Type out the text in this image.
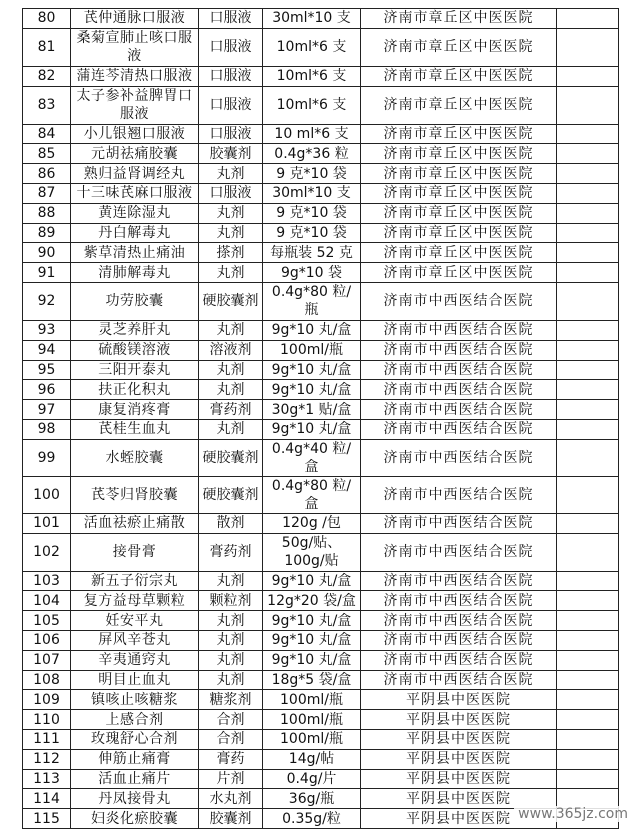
80	芪仲通脉口服液	口服液	30ml*10 支	济南市章丘区中医医院	
81	桑菊宣肺止咳口服液	口服液	10ml*6 支	济南市章丘区中医医院	
82	蒲连芩清热口服液	口服液	10ml*6 支	济南市章丘区中医医院	
83	太子参补益脾胃口服液	口服液	10ml*6 支	济南市章丘区中医医院	
84	小儿银翘口服液	口服液	10 ml*6 支	济南市章丘区中医医院	
85	元胡祛痛胶囊	胶囊剂	0.4g*36 粒	济南市章丘区中医医院	
86	熟归益肾调经丸	丸剂	9 克*10 袋	济南市章丘区中医医院	
87	十三味芪麻口服液	口服液	30ml*10 支	济南市章丘区中医医院	
88	黄连除湿丸	丸剂	9 克*10 袋	济南市章丘区中医医院	
89	丹白解毒丸	丸剂	9 克*10 袋	济南市章丘区中医医院	
90	紫草清热止痛油	搽剂	每瓶装 52 克	济南市章丘区中医医院	
91	清肺解毒丸	丸剂	9g*10 袋	济南市章丘区中医医院	
92	功劳胶囊	硬胶囊剂	0.4g*80 粒/瓶	济南市中西医结合医院	
93	灵芝养肝丸	丸剂	9g*10 丸/盒	济南市中西医结合医院	
94	硫酸镁溶液	溶液剂	100ml/瓶	济南市中西医结合医院	
95	三阳开泰丸	丸剂	9g*10 丸/盒	济南市中西医结合医院	
96	扶正化积丸	丸剂	9g*10 丸/盒	济南市中西医结合医院	
97	康复消疼膏	膏药剂	30g*1 贴/盒	济南市中西医结合医院	
98	芪桂生血丸	丸剂	9g*10 丸/盒	济南市中西医结合医院	
99	水蛭胶囊	硬胶囊剂	0.4g*40 粒/盒	济南市中西医结合医院	
100	芪苓归肾胶囊	硬胶囊剂	0.4g*80 粒/盒	济南市中西医结合医院	
101	活血祛瘀止痛散	散剂	120g /包	济南市中西医结合医院	
102	接骨膏	膏药剂	50g/贴、100g/贴	济南市中西医结合医院	
103	新五子衍宗丸	丸剂	9g*10 丸/盒	济南市中西医结合医院	
104	复方益母草颗粒	颗粒剂	12g*20 袋/盒	济南市中西医结合医院	
105	妊安平丸	丸剂	9g*10 丸/盒	济南市中西医结合医院	
106	屏风辛苍丸	丸剂	9g*10 丸/盒	济南市中西医结合医院	
107	辛夷通窍丸	丸剂	9g*10 丸/盒	济南市中西医结合医院	
108	明目止血丸	丸剂	18g*5 袋/盒	济南市中西医结合医院	
109	镇咳止咳糖浆	糖浆剂	100ml/瓶	平阴县中医医院	
110	上感合剂	合剂	100ml/瓶	平阴县中医医院	
111	玫瑰舒心合剂	合剂	100ml/瓶	平阴县中医医院	
112	伸筋止痛膏	膏药	14g/帖	平阴县中医医院	
113	活血止痛片	片剂	0.4g/片	平阴县中医医院	
114	丹凤接骨丸	水丸剂	36g/瓶	平阴县中医医院	
115	妇炎化瘀胶囊	胶囊剂	0.35g/粒	平阴县中医医院	www.365jz.com
